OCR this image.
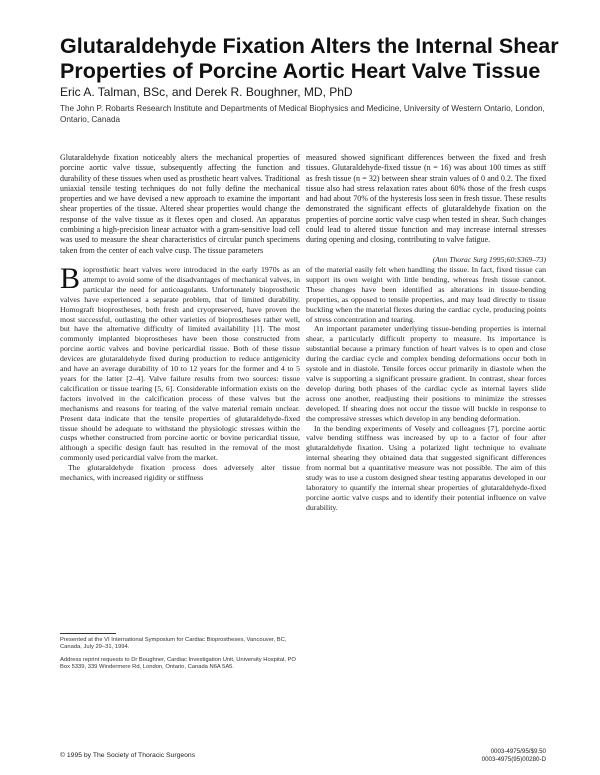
Glutaraldehyde Fixation Alters the Internal Shear Properties of Porcine Aortic Heart Valve Tissue
Eric A. Talman, BSc, and Derek R. Boughner, MD, PhD
The John P. Robarts Research Institute and Departments of Medical Biophysics and Medicine, University of Western Ontario, London, Ontario, Canada
Glutaraldehyde fixation noticeably alters the mechanical properties of porcine aortic valve tissue, subsequently affecting the function and durability of these tissues when used as prosthetic heart valves. Traditional uniaxial tensile testing techniques do not fully define the mechanical properties and we have devised a new approach to examine the important shear properties of the tissue. Altered shear properties would change the response of the valve tissue as it flexes open and closed. An apparatus combining a high-precision linear actuator with a gram-sensitive load cell was used to measure the shear characteristics of circular punch specimens taken from the center of each valve cusp. The tissue parameters
measured showed significant differences between the fixed and fresh tissues. Glutaraldehyde-fixed tissue (n = 16) was about 100 times as stiff as fresh tissue (n = 32) between shear strain values of 0 and 0.2. The fixed tissue also had stress relaxation rates about 60% those of the fresh cusps and had about 70% of the hysteresis loss seen in fresh tissue. These results demonstrated the significant effects of glutaraldehyde fixation on the properties of porcine aortic valve cusp when tested in shear. Such changes could lead to altered tissue function and may increase internal stresses during opening and closing, contributing to valve fatigue.
(Ann Thorac Surg 1995;60:S369–73)

Bioprosthetic heart valves were introduced in the early 1970s as an attempt to avoid some of the disadvantages of mechanical valves, in particular the need for anticoagulants. Unfortunately bioprosthetic valves have experienced a separate problem, that of limited durability. Homograft bioprostheses, both fresh and cryopreserved, have proven the most successful, outlasting the other varieties of bioprostheses rather well, but have the alternative difficulty of limited availability [1]. The most commonly implanted bioprostheses have been those constructed from porcine aortic valves and bovine pericardial tissue. Both of these tissue devices are glutaraldehyde fixed during production to reduce antigenicity and have an average durability of 10 to 12 years for the former and 4 to 5 years for the latter [2–4]. Valve failure results from two sources: tissue calcification or tissue tearing [5, 6]. Considerable information exists on the factors involved in the calcification process of these valves but the mechanisms and reasons for tearing of the valve material remain unclear. Present data indicate that the tensile properties of glutaraldehyde-fixed tissue should be adequate to withstand the physiologic stresses within the cusps whether constructed from porcine aortic or bovine pericardial tissue, although a specific design fault has resulted in the removal of the most commonly used pericardial valve from the market.

The glutaraldehyde fixation process does adversely alter tissue mechanics, with increased rigidity or stiffness

of the material easily felt when handling the tissue. In fact, fixed tissue can support its own weight with little bending, whereas fresh tissue cannot. These changes have been identified as alterations in tissue-bending properties, as opposed to tensile properties, and may lead directly to tissue buckling when the material flexes during the cardiac cycle, producing points of stress concentration and tearing.

An important parameter underlying tissue-bending properties is internal shear, a particularly difficult property to measure. Its importance is substantial because a primary function of heart valves is to open and close during the cardiac cycle and complex bending deformations occur both in systole and in diastole. Tensile forces occur primarily in diastole when the valve is supporting a significant pressure gradient. In contrast, shear forces develop during both phases of the cardiac cycle as internal layers slide across one another, readjusting their positions to minimize the stresses developed. If shearing does not occur the tissue will buckle in response to the compressive stresses which develop in any bending deformation.

In the bending experiments of Vesely and colleagues [7], porcine aortic valve bending stiffness was increased by up to a factor of four after glutaraldehyde fixation. Using a polarized light technique to evaluate internal shearing they obtained data that suggested significant differences from normal but a quantitative measure was not possible. The aim of this study was to use a custom designed shear testing apparatus developed in our laboratory to quantify the internal shear properties of glutaraldehyde-fixed porcine aortic valve cusps and to identify their potential influence on valve durability.

Presented at the VI International Symposium for Cardiac Bioprostheses, Vancouver, BC, Canada, July 29–31, 1994.

Address reprint requests to Dr Boughner, Cardiac Investigation Unit, University Hospital, PO Box 5339, 339 Windermere Rd, London, Ontario, Canada N6A 5A5.

© 1995 by The Society of Thoracic Surgeons
0003-4975/95/$9.50
0003-4975(95)00280-D
